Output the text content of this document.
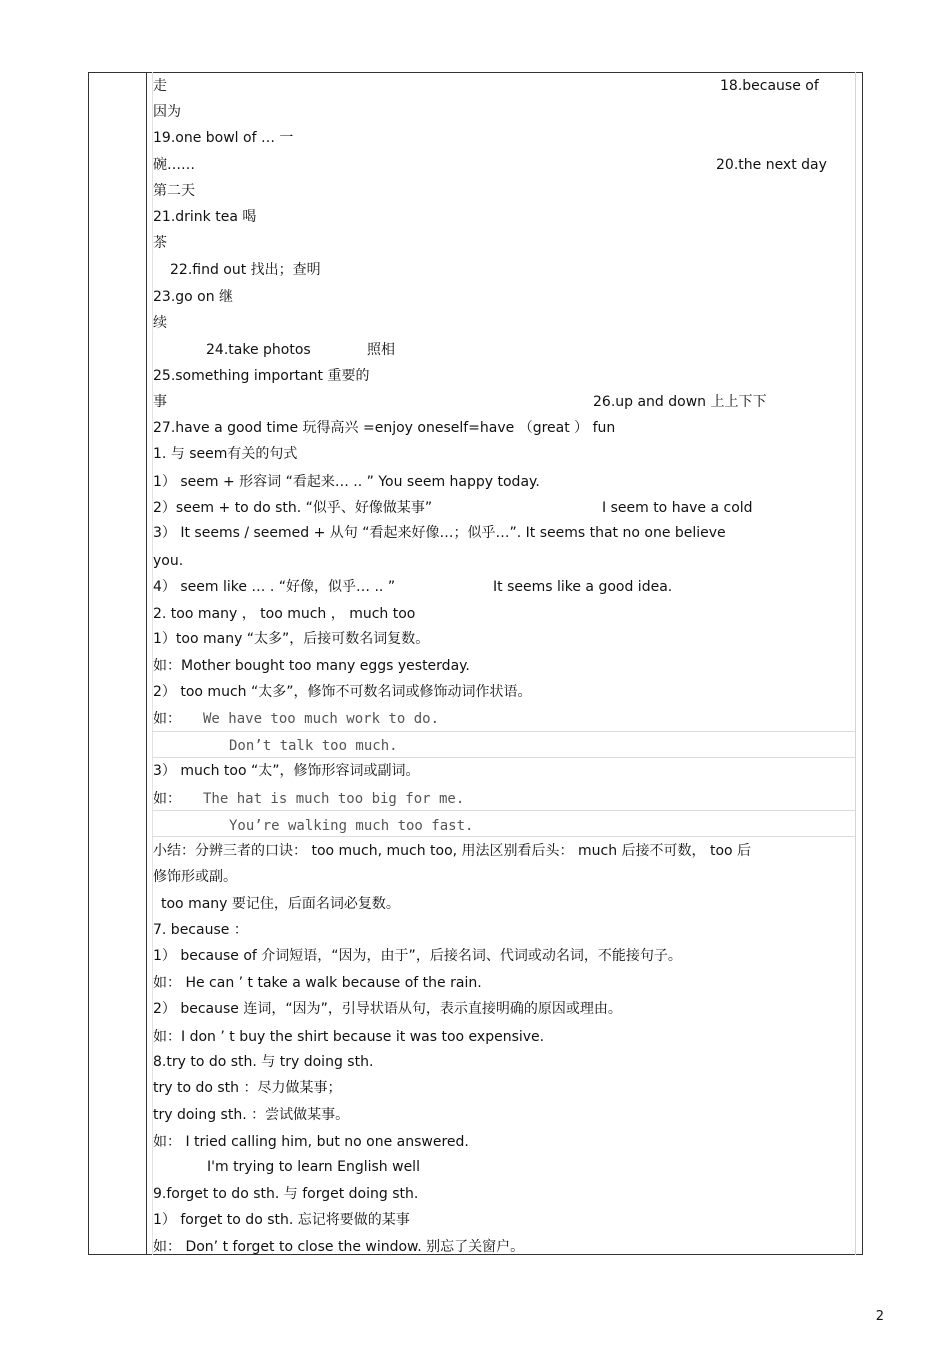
走	18.because of
因为
19.one bowl of … 一
碗……	20.the next day
第二天
21.drink tea 喝
茶
22.find out 找出；查明
23.go on 继
续
24.take photos	照相
25.something important 重要的
事	26.up and down 上上下下
27.have a good time 玩得高兴 =enjoy oneself=have （great ） fun
1. 与 seem有关的句式
1） seem + 形容词 “看起来… .. ” You seem happy today.
2）seem + to do sth. “似乎、好像做某事”	I seem to have a cold
3） It seems / seemed + 从句 “看起来好像…；似乎…”. It seems that no one believe
you.
4） seem like … . “好像，似乎… .. ”	It seems like a good idea.
2. too many ， too much ， much too
1）too many “太多”，后接可数名词复数。
如：Mother bought too many eggs yesterday.
2） too much “太多”，修饰不可数名词或修饰动词作状语。
如： We have too much work to do.
Don’t talk too much.
3） much too “太”，修饰形容词或副词。
如： The hat is much too big for me.
You’re walking much too fast.
小结：分辨三者的口诀： too much, much too, 用法区别看后头： much 后接不可数， too 后
修饰形或副。
too many 要记住，后面名词必复数。
7. because ：
1） because of 介词短语，“因为，由于”，后接名词、代词或动名词，不能接句子。
如： He can ’ t take a walk because of the rain.
2） because 连词，“因为”，引导状语从句，表示直接明确的原因或理由。
如：I don ’ t buy the shirt because it was too expensive.
8.try to do sth. 与 try doing sth.
try to do sth ：尽力做某事；
try doing sth. ：尝试做某事。
如： I tried calling him, but no one answered.
I'm trying to learn English well
9.forget to do sth. 与 forget doing sth.
1） forget to do sth. 忘记将要做的某事
如： Don’ t forget to close the window. 别忘了关窗户。
2
